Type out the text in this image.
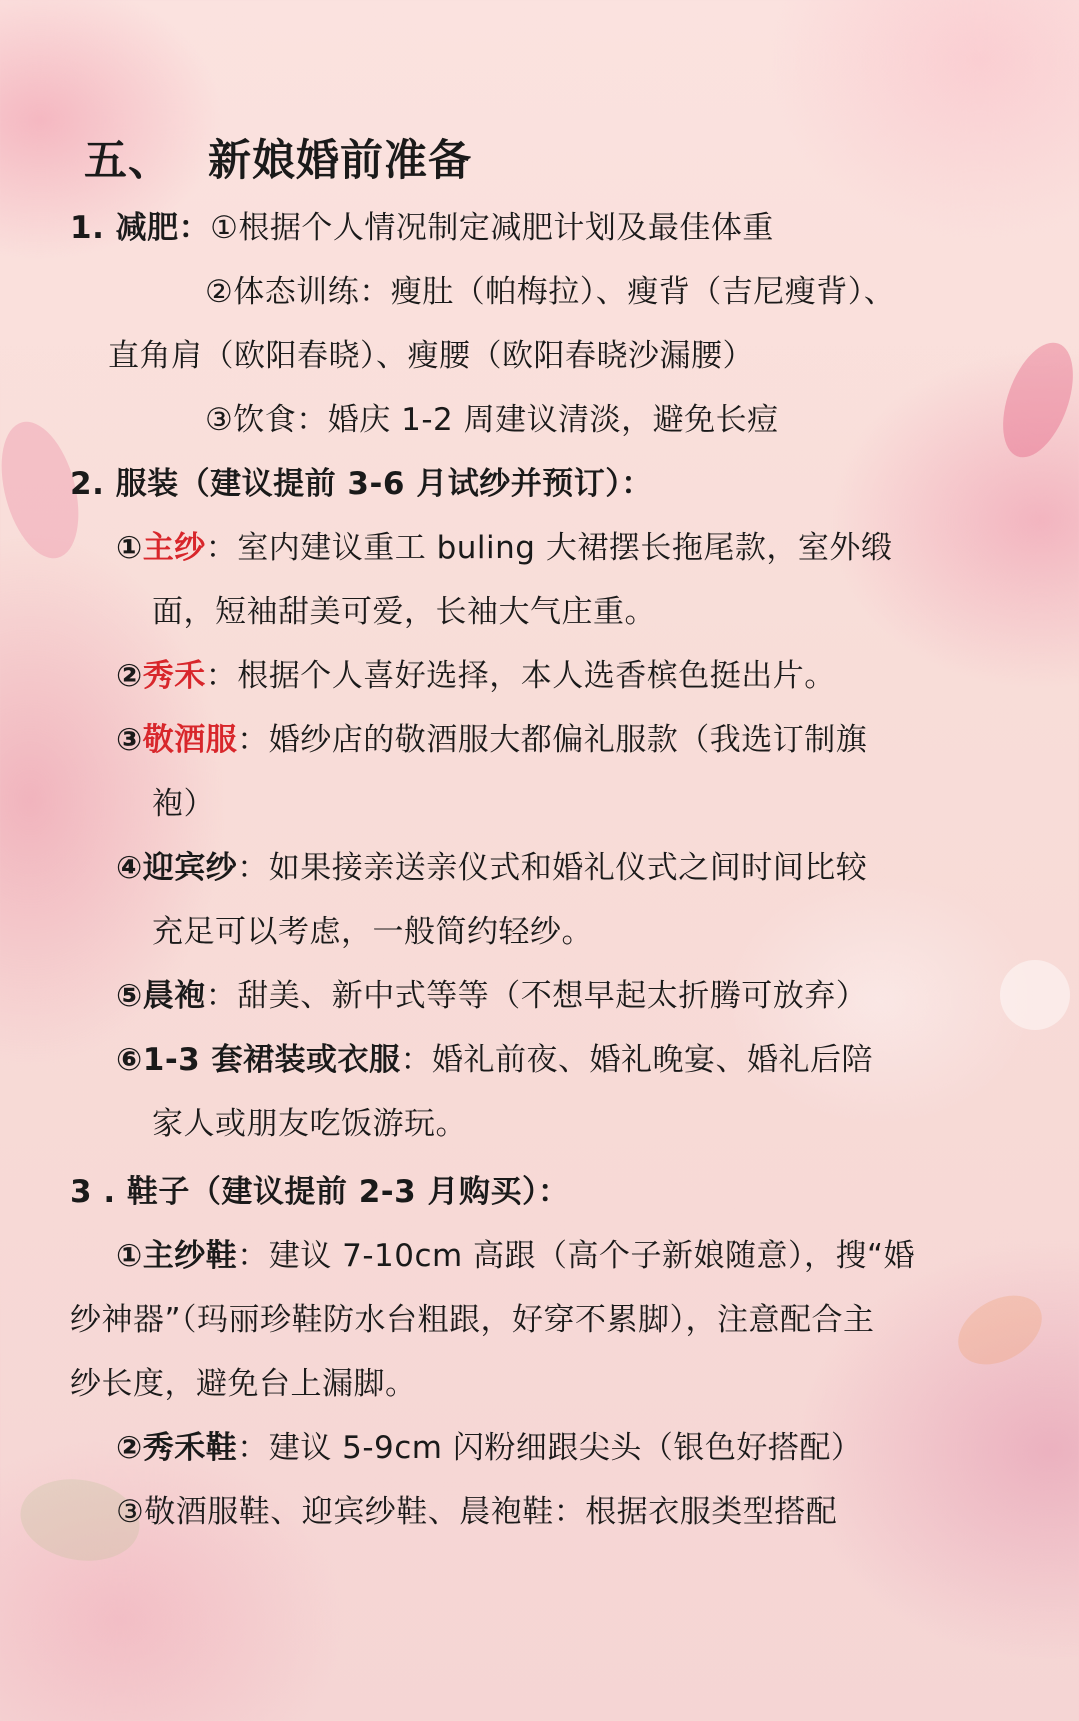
五、 新娘婚前准备
1. 减肥：①根据个人情况制定减肥计划及最佳体重
②体态训练：瘦肚（帕梅拉）、瘦背（吉尼瘦背）、
直角肩（欧阳春晓）、瘦腰（欧阳春晓沙漏腰）
③饮食：婚庆 1-2 周建议清淡，避免长痘
2. 服装（建议提前 3-6 月试纱并预订）：
①主纱：室内建议重工 buling 大裙摆长拖尾款，室外缎
面，短袖甜美可爱，长袖大气庄重。
②秀禾：根据个人喜好选择，本人选香槟色挺出片。
③敬酒服：婚纱店的敬酒服大都偏礼服款（我选订制旗
袍）
④迎宾纱：如果接亲送亲仪式和婚礼仪式之间时间比较
充足可以考虑，一般简约轻纱。
⑤晨袍：甜美、新中式等等（不想早起太折腾可放弃）
⑥1-3 套裙装或衣服：婚礼前夜、婚礼晚宴、婚礼后陪
家人或朋友吃饭游玩。
3 . 鞋子（建议提前 2-3 月购买）：
①主纱鞋：建议 7-10cm 高跟（高个子新娘随意），搜“婚
纱神器”（玛丽珍鞋防水台粗跟，好穿不累脚），注意配合主
纱长度，避免台上漏脚。
②秀禾鞋：建议 5-9cm 闪粉细跟尖头（银色好搭配）
③敬酒服鞋、迎宾纱鞋、晨袍鞋：根据衣服类型搭配
